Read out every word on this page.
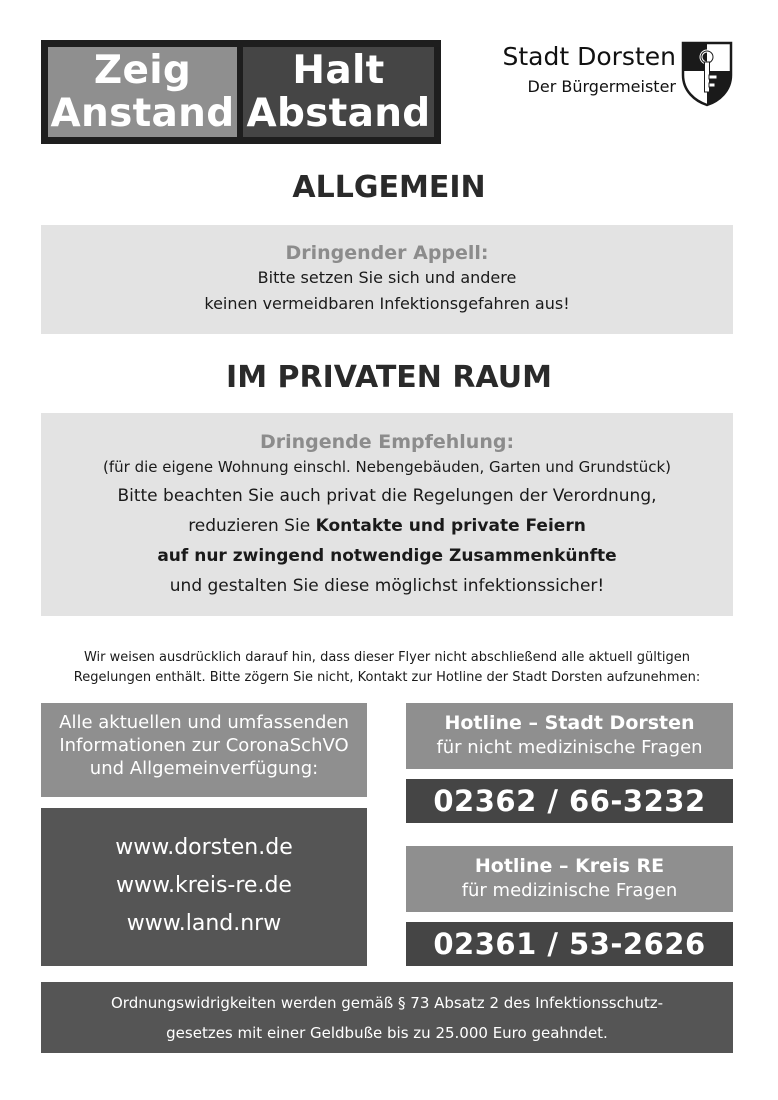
Zeig
Anstand
Halt
Abstand
Stadt Dorsten
Der Bürgermeister
ALLGEMEIN
Dringender Appell:
Bitte setzen Sie sich und andere
keinen vermeidbaren Infektionsgefahren aus!
IM PRIVATEN RAUM
Dringende Empfehlung:
(für die eigene Wohnung einschl. Nebengebäuden, Garten und Grundstück)
Bitte beachten Sie auch privat die Regelungen der Verordnung,
reduzieren Sie Kontakte und private Feiern
auf nur zwingend notwendige Zusammenkünfte
und gestalten Sie diese möglichst infektionssicher!
Wir weisen ausdrücklich darauf hin, dass dieser Flyer nicht abschließend alle aktuell gültigen
Regelungen enthält. Bitte zögern Sie nicht, Kontakt zur Hotline der Stadt Dorsten aufzunehmen:
Alle aktuellen und umfassenden
Informationen zur CoronaSchVO
und Allgemeinverfügung:
www.dorsten.de
www.kreis-re.de
www.land.nrw
Hotline – Stadt Dorsten
für nicht medizinische Fragen
02362 / 66-3232
Hotline – Kreis RE
für medizinische Fragen
02361 / 53-2626
Ordnungswidrigkeiten werden gemäß § 73 Absatz 2 des Infektionsschutz-
gesetzes mit einer Geldbuße bis zu 25.000 Euro geahndet.
